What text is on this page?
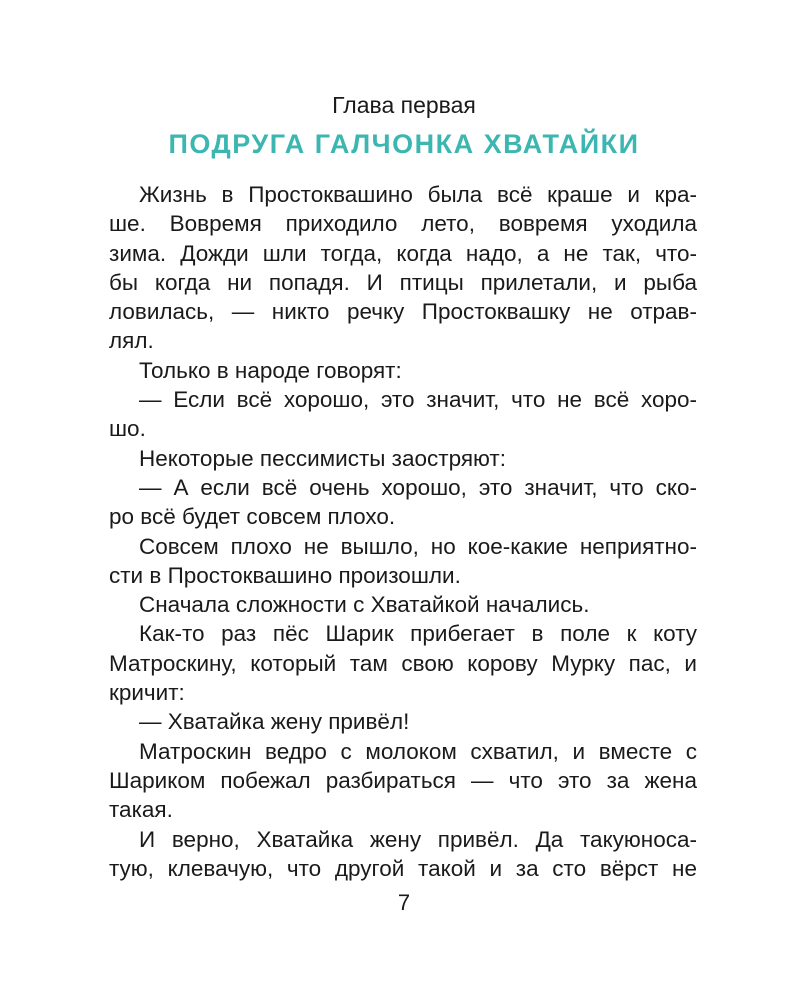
Глава первая
ПОДРУГА ГАЛЧОНКА ХВАТАЙКИ
Жизнь в Простоквашино была всё краше и кра-
ше. Вовремя приходило лето, вовремя уходила
зима. Дожди шли тогда, когда надо, а не так, что-
бы когда ни попадя. И птицы прилетали, и рыба
ловилась, — никто речку Простоквашку не отрав-
лял.
Только в народе говорят:
— Если всё хорошо, это значит, что не всё хоро-
шо.
Некоторые пессимисты заостряют:
— А если всё очень хорошо, это значит, что ско-
ро всё будет совсем плохо.
Совсем плохо не вышло, но кое-какие неприятно-
сти в Простоквашино произошли.
Сначала сложности с Хватайкой начались.
Как-то раз пёс Шарик прибегает в поле к коту
Матроскину, который там свою корову Мурку пас, и
кричит:
— Хватайка жену привёл!
Матроскин ведро с молоком схватил, и вместе с
Шариком побежал разбираться — что это за жена
такая.
И верно, Хватайка жену привёл. Да такуюноса-
тую, клевачую, что другой такой и за сто вёрст не
7
